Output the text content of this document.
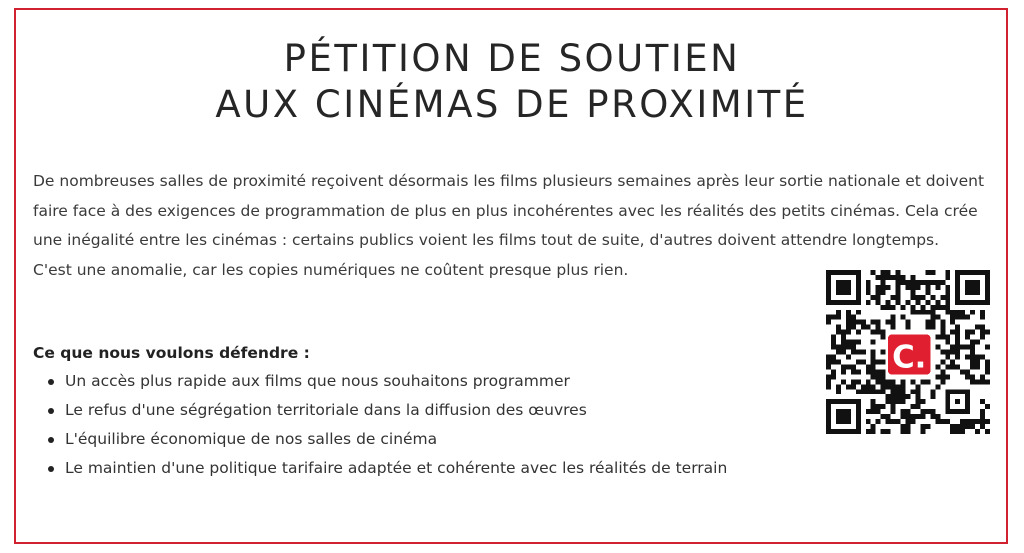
PÉTITION DE SOUTIEN
AUX CINÉMAS DE PROXIMITÉ

De nombreuses salles de proximité reçoivent désormais les films plusieurs semaines après leur sortie nationale et doivent faire face à des exigences de programmation de plus en plus incohérentes avec les réalités des petits cinémas. Cela crée une inégalité entre les cinémas : certains publics voient les films tout de suite, d'autres doivent attendre longtemps.

C'est une anomalie, car les copies numériques ne coûtent presque plus rien.

Ce que nous voulons défendre :

Un accès plus rapide aux films que nous souhaitons programmer
Le refus d'une ségrégation territoriale dans la diffusion des œuvres
L'équilibre économique de nos salles de cinéma
Le maintien d'une politique tarifaire adaptée et cohérente avec les réalités de terrain
C.
